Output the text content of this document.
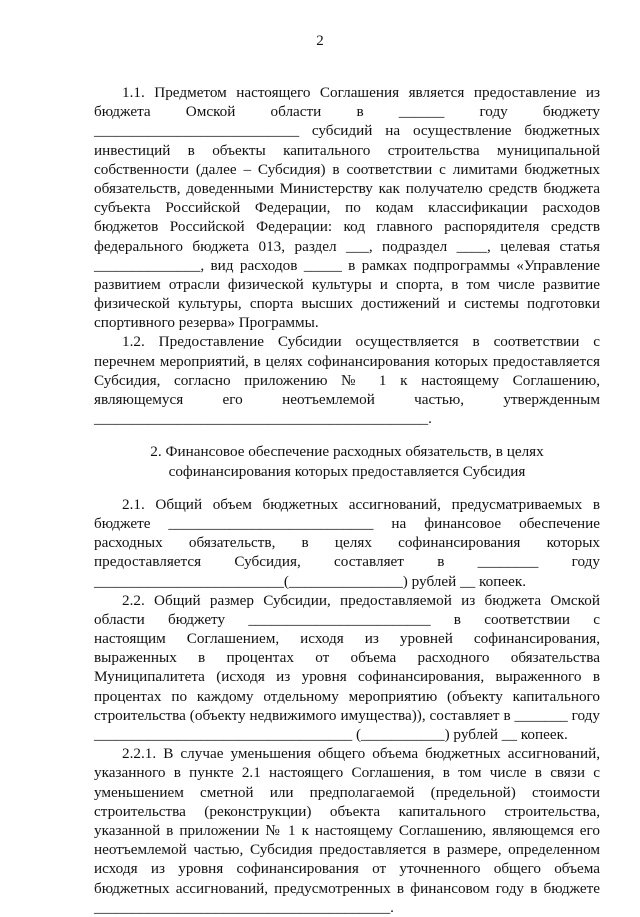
2
1.1. Предметом настоящего Соглашения является предоставление из
бюджета Омской области в ______ году бюджету
___________________________ субсидий на осуществление бюджетных
инвестиций в объекты капитального строительства муниципальной
собственности (далее – Субсидия) в соответствии с лимитами бюджетных
обязательств, доведенными Министерству как получателю средств бюджета
субъекта Российской Федерации, по кодам классификации расходов
бюджетов Российской Федерации: код главного распорядителя средств
федерального бюджета 013, раздел ___, подраздел ____, целевая статья
______________, вид расходов _____ в рамках подпрограммы «Управление
развитием отрасли физической культуры и спорта, в том числе развитие
физической культуры, спорта высших достижений и системы подготовки
спортивного резерва» Программы.
1.2. Предоставление Субсидии осуществляется в соответствии с
перечнем мероприятий, в целях софинансирования которых предоставляется
Субсидия, согласно приложению № 1 к настоящему Соглашению,
являющемуся его неотъемлемой частью, утвержденным
____________________________________________.
2. Финансовое обеспечение расходных обязательств, в целях
софинансирования которых предоставляется Субсидия
2.1. Общий объем бюджетных ассигнований, предусматриваемых в
бюджете ___________________________ на финансовое обеспечение
расходных обязательств, в целях софинансирования которых
предоставляется Субсидия, составляет в ________ году
_________________________(_______________) рублей __ копеек.
2.2. Общий размер Субсидии, предоставляемой из бюджета Омской
области бюджету ________________________ в соответствии с
настоящим Соглашением, исходя из уровней софинансирования,
выраженных в процентах от объема расходного обязательства
Муниципалитета (исходя из уровня софинансирования, выраженного в
процентах по каждому отдельному мероприятию (объекту капитального
строительства (объекту недвижимого имущества)), составляет в _______ году
__________________________________ (___________) рублей __ копеек.
2.2.1. В случае уменьшения общего объема бюджетных ассигнований,
указанного в пункте 2.1 настоящего Соглашения, в том числе в связи с
уменьшением сметной или предполагаемой (предельной) стоимости
строительства (реконструкции) объекта капитального строительства,
указанной в приложении № 1 к настоящему Соглашению, являющемся его
неотъемлемой частью, Субсидия предоставляется в размере, определенном
исходя из уровня софинансирования от уточненного общего объема
бюджетных ассигнований, предусмотренных в финансовом году в бюджете
_______________________________________.
